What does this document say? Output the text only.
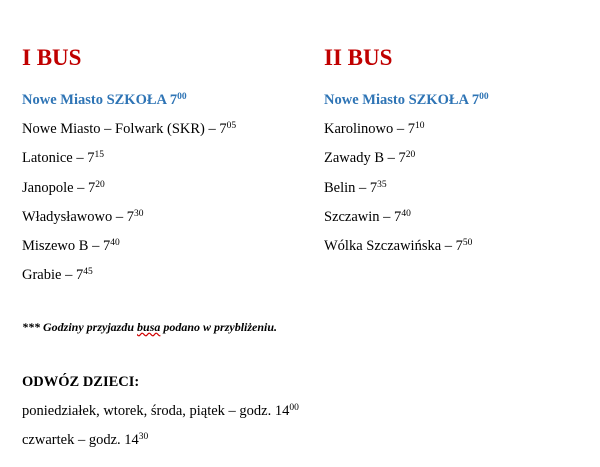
I BUS

Nowe Miasto SZKOŁA $7^{00}$

Nowe Miasto – Folwark $(SKR) - 7^{05}$

Latonice – $7^{15}$

Janopole – $7^{20}$

Władysławowo – $7^{30}$

Miszewo B – $7^{40}$

Grabie – $7^{45}$

II BUS

Nowe Miasto SZKOŁA $7^{00}$

Karolinowo – $7^{10}$

Zawady B – $7^{20}$

Belin – $7^{35}$

Szczawin – $7^{40}$

Wólka Szczawińska – $7^{50}$

*** Godziny przyjazdu busa podano w przybliżeniu.

ODWÓZ DZIECI:

poniedziałek, wtorek, środa, piątek – godz. $14^{00}$

czwartek – godz. $14^{30}$
